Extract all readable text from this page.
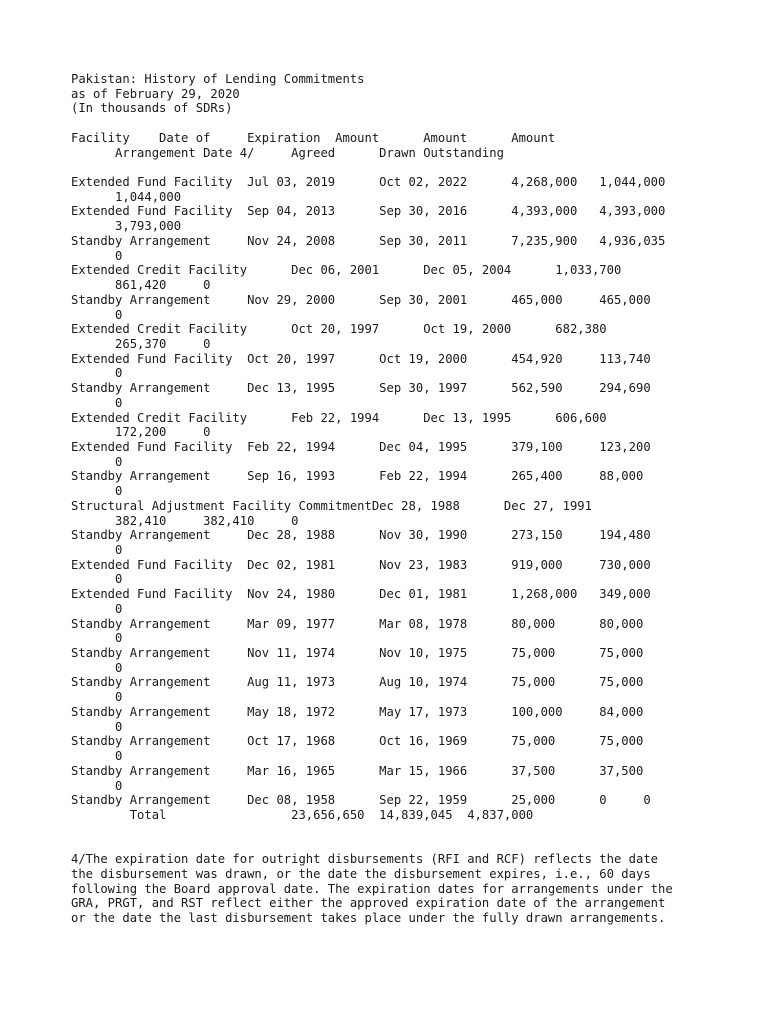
Pakistan: History of Lending Commitments
as of February 29, 2020
(In thousands of SDRs)
Facility    Date of     Expiration  Amount      Amount      Amount
Arrangement Date 4/     Agreed      Drawn Outstanding
Extended Fund Facility  Jul 03, 2019      Oct 02, 2022      4,268,000   1,044,000
1,044,000
Extended Fund Facility  Sep 04, 2013      Sep 30, 2016      4,393,000   4,393,000
3,793,000
Standby Arrangement     Nov 24, 2008      Sep 30, 2011      7,235,900   4,936,035
0
Extended Credit Facility      Dec 06, 2001      Dec 05, 2004      1,033,700
861,420     0
Standby Arrangement     Nov 29, 2000      Sep 30, 2001      465,000     465,000
0
Extended Credit Facility      Oct 20, 1997      Oct 19, 2000      682,380
265,370     0
Extended Fund Facility  Oct 20, 1997      Oct 19, 2000      454,920     113,740
0
Standby Arrangement     Dec 13, 1995      Sep 30, 1997      562,590     294,690
0
Extended Credit Facility      Feb 22, 1994      Dec 13, 1995      606,600
172,200     0
Extended Fund Facility  Feb 22, 1994      Dec 04, 1995      379,100     123,200
0
Standby Arrangement     Sep 16, 1993      Feb 22, 1994      265,400     88,000
0
Structural Adjustment Facility CommitmentDec 28, 1988      Dec 27, 1991
382,410     382,410     0
Standby Arrangement     Dec 28, 1988      Nov 30, 1990      273,150     194,480
0
Extended Fund Facility  Dec 02, 1981      Nov 23, 1983      919,000     730,000
0
Extended Fund Facility  Nov 24, 1980      Dec 01, 1981      1,268,000   349,000
0
Standby Arrangement     Mar 09, 1977      Mar 08, 1978      80,000      80,000
0
Standby Arrangement     Nov 11, 1974      Nov 10, 1975      75,000      75,000
0
Standby Arrangement     Aug 11, 1973      Aug 10, 1974      75,000      75,000
0
Standby Arrangement     May 18, 1972      May 17, 1973      100,000     84,000
0
Standby Arrangement     Oct 17, 1968      Oct 16, 1969      75,000      75,000
0
Standby Arrangement     Mar 16, 1965      Mar 15, 1966      37,500      37,500
0
Standby Arrangement     Dec 08, 1958      Sep 22, 1959      25,000      0     0
Total                 23,656,650  14,839,045  4,837,000
4/The expiration date for outright disbursements (RFI and RCF) reflects the date
the disbursement was drawn, or the date the disbursement expires, i.e., 60 days
following the Board approval date. The expiration dates for arrangements under the
GRA, PRGT, and RST reflect either the approved expiration date of the arrangement
or the date the last disbursement takes place under the fully drawn arrangements.
